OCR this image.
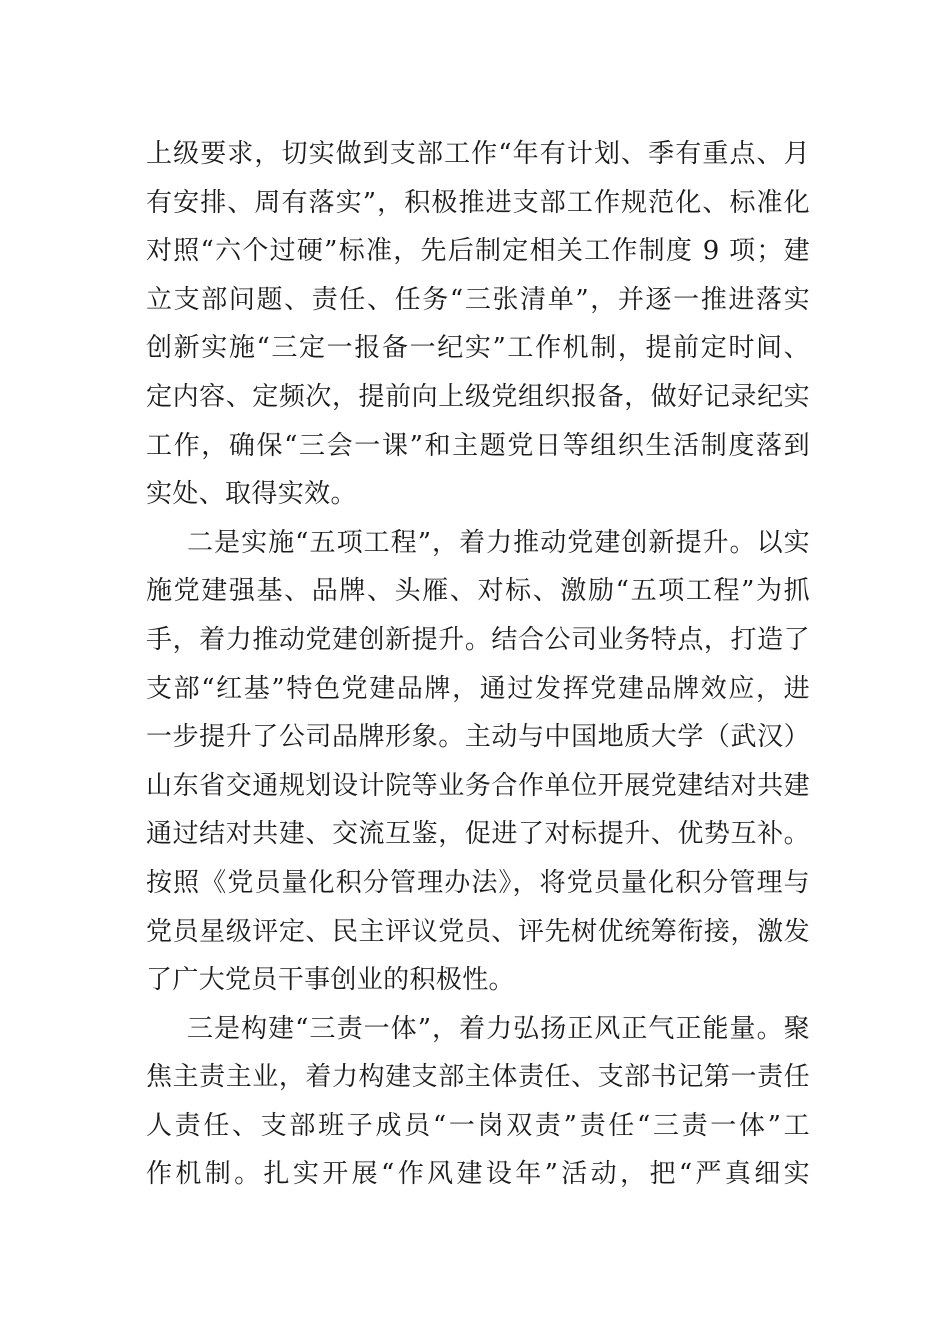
上级要求，切实做到支部工作“年有计划、季有重点、月
有安排、周有落实”，积极推进支部工作规范化、标准化
对照“六个过硬”标准，先后制定相关工作制度 9 项；建
立支部问题、责任、任务“三张清单”，并逐一推进落实
创新实施“三定一报备一纪实”工作机制，提前定时间、
定内容、定频次，提前向上级党组织报备，做好记录纪实
工作，确保“三会一课”和主题党日等组织生活制度落到
实处、取得实效。
二是实施“五项工程”，着力推动党建创新提升。以实
施党建强基、品牌、头雁、对标、激励“五项工程”为抓
手，着力推动党建创新提升。结合公司业务特点，打造了
支部“红基”特色党建品牌，通过发挥党建品牌效应，进
一步提升了公司品牌形象。主动与中国地质大学（武汉）
山东省交通规划设计院等业务合作单位开展党建结对共建
通过结对共建、交流互鉴，促进了对标提升、优势互补。
按照《党员量化积分管理办法》，将党员量化积分管理与
党员星级评定、民主评议党员、评先树优统筹衔接，激发
了广大党员干事创业的积极性。
三是构建“三责一体”，着力弘扬正风正气正能量。聚
焦主责主业，着力构建支部主体责任、支部书记第一责任
人责任、支部班子成员“一岗双责”责任“三责一体”工
作机制。扎实开展“作风建设年”活动，把“严真细实
